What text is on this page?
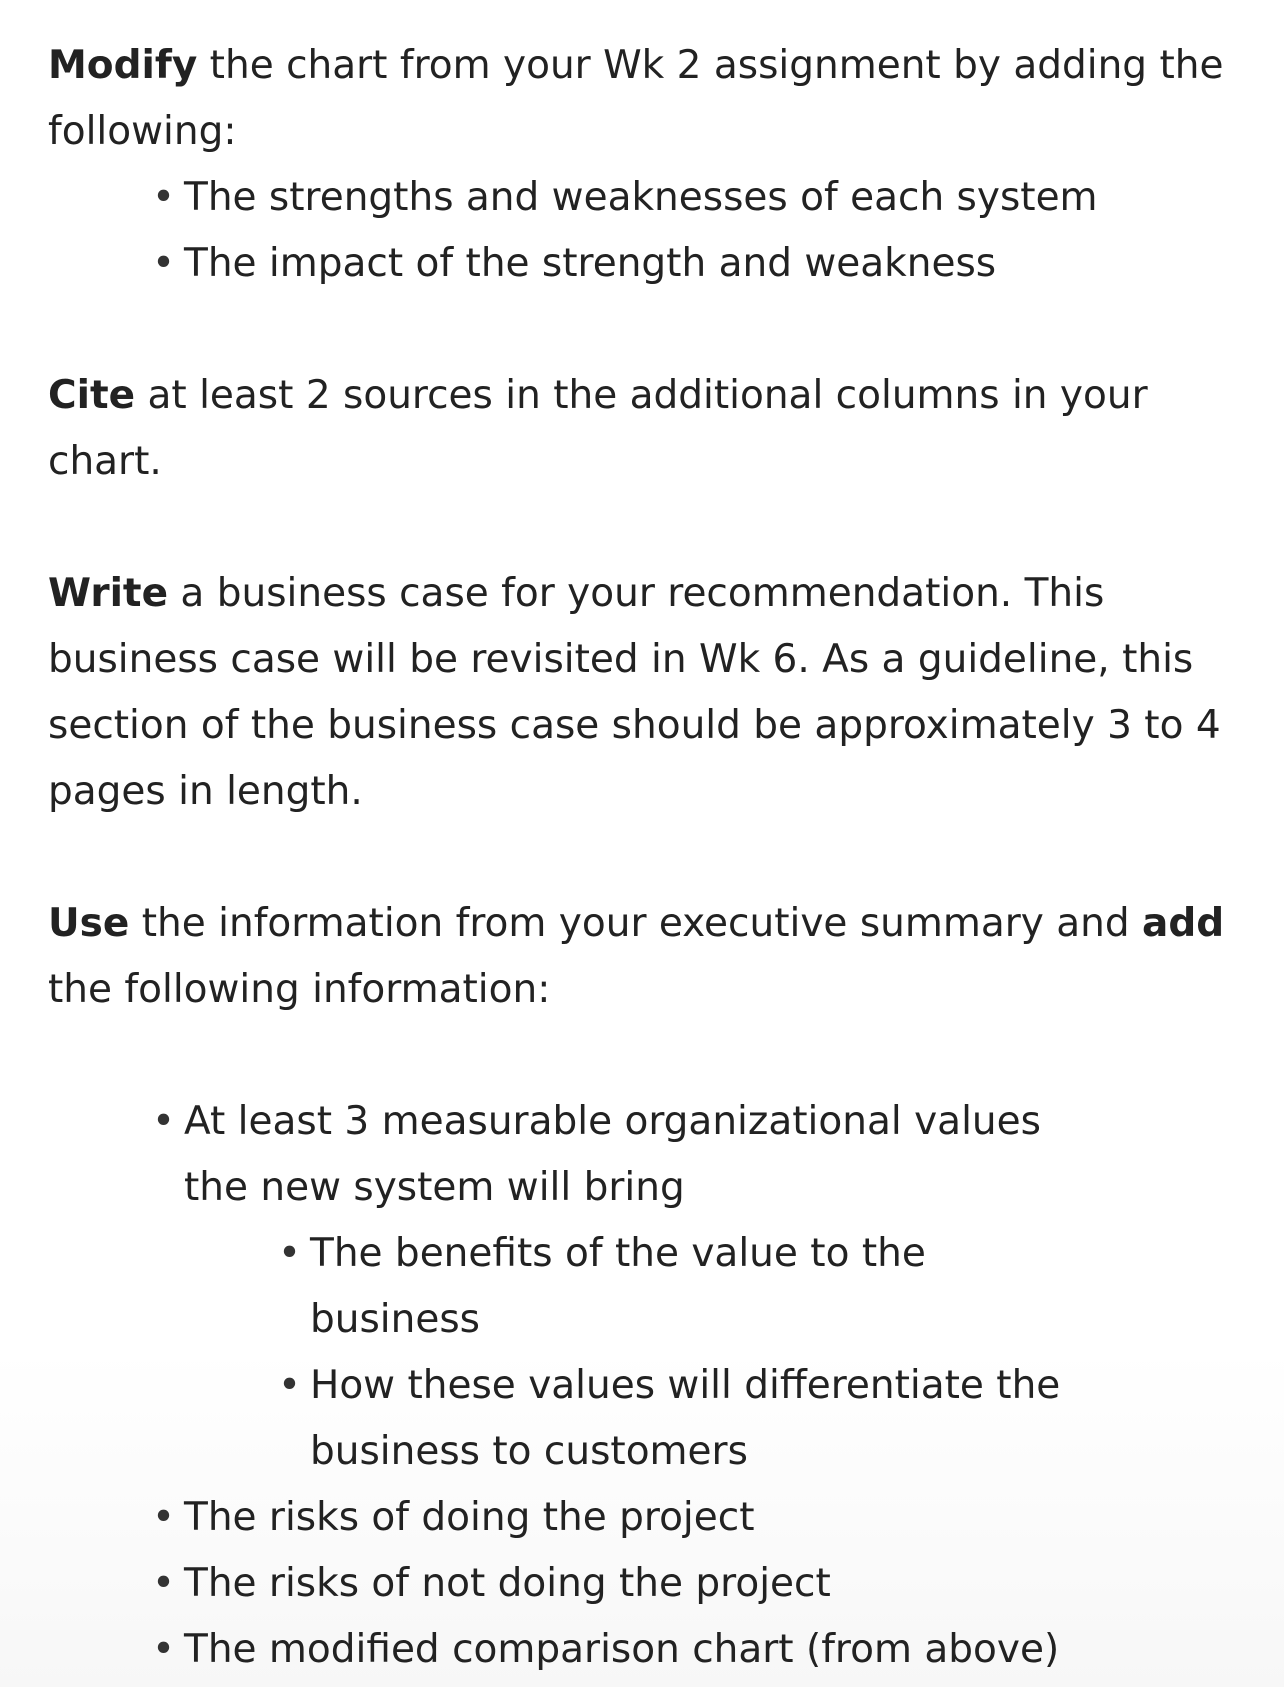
Modify the chart from your Wk 2 assignment by adding the following:

• The strengths and weaknesses of each system
• The impact of the strength and weakness

Cite at least 2 sources in the additional columns in your chart.

Write a business case for your recommendation. This business case will be revisited in Wk 6. As a guideline, this section of the business case should be approximately 3 to 4 pages in length.

Use the information from your executive summary and add the following information:

• At least 3 measurable organizational values the new system will bring
• The benefits of the value to the business
• How these values will differentiate the business to customers
• The risks of doing the project
• The risks of not doing the project
• The modified comparison chart (from above)
